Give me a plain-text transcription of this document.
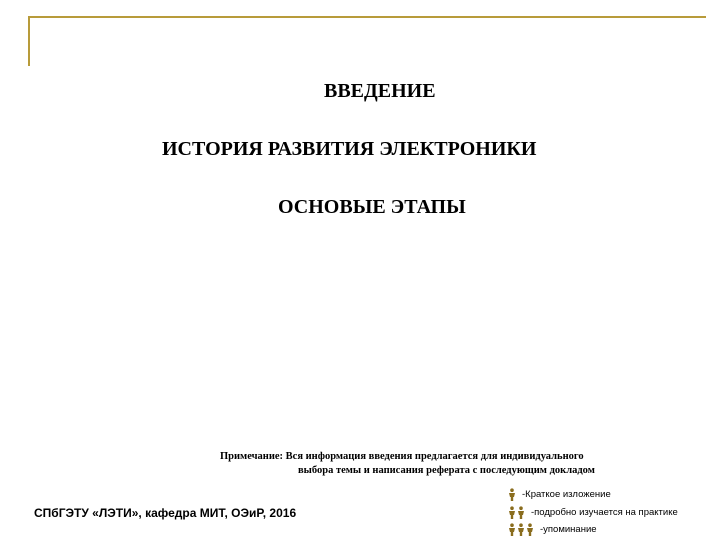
ВВЕДЕНИЕ
ИСТОРИЯ РАЗВИТИЯ ЭЛЕКТРОНИКИ
ОСНОВЫЕ ЭТАПЫ
Примечание: Вся информация введения предлагается для индивидуального
выбора темы и написания реферата с последующим докладом
СПбГЭТУ «ЛЭТИ», кафедра МИТ, ОЭиР, 2016
-Краткое изложение
-подробно изучается на практике
-упоминание
